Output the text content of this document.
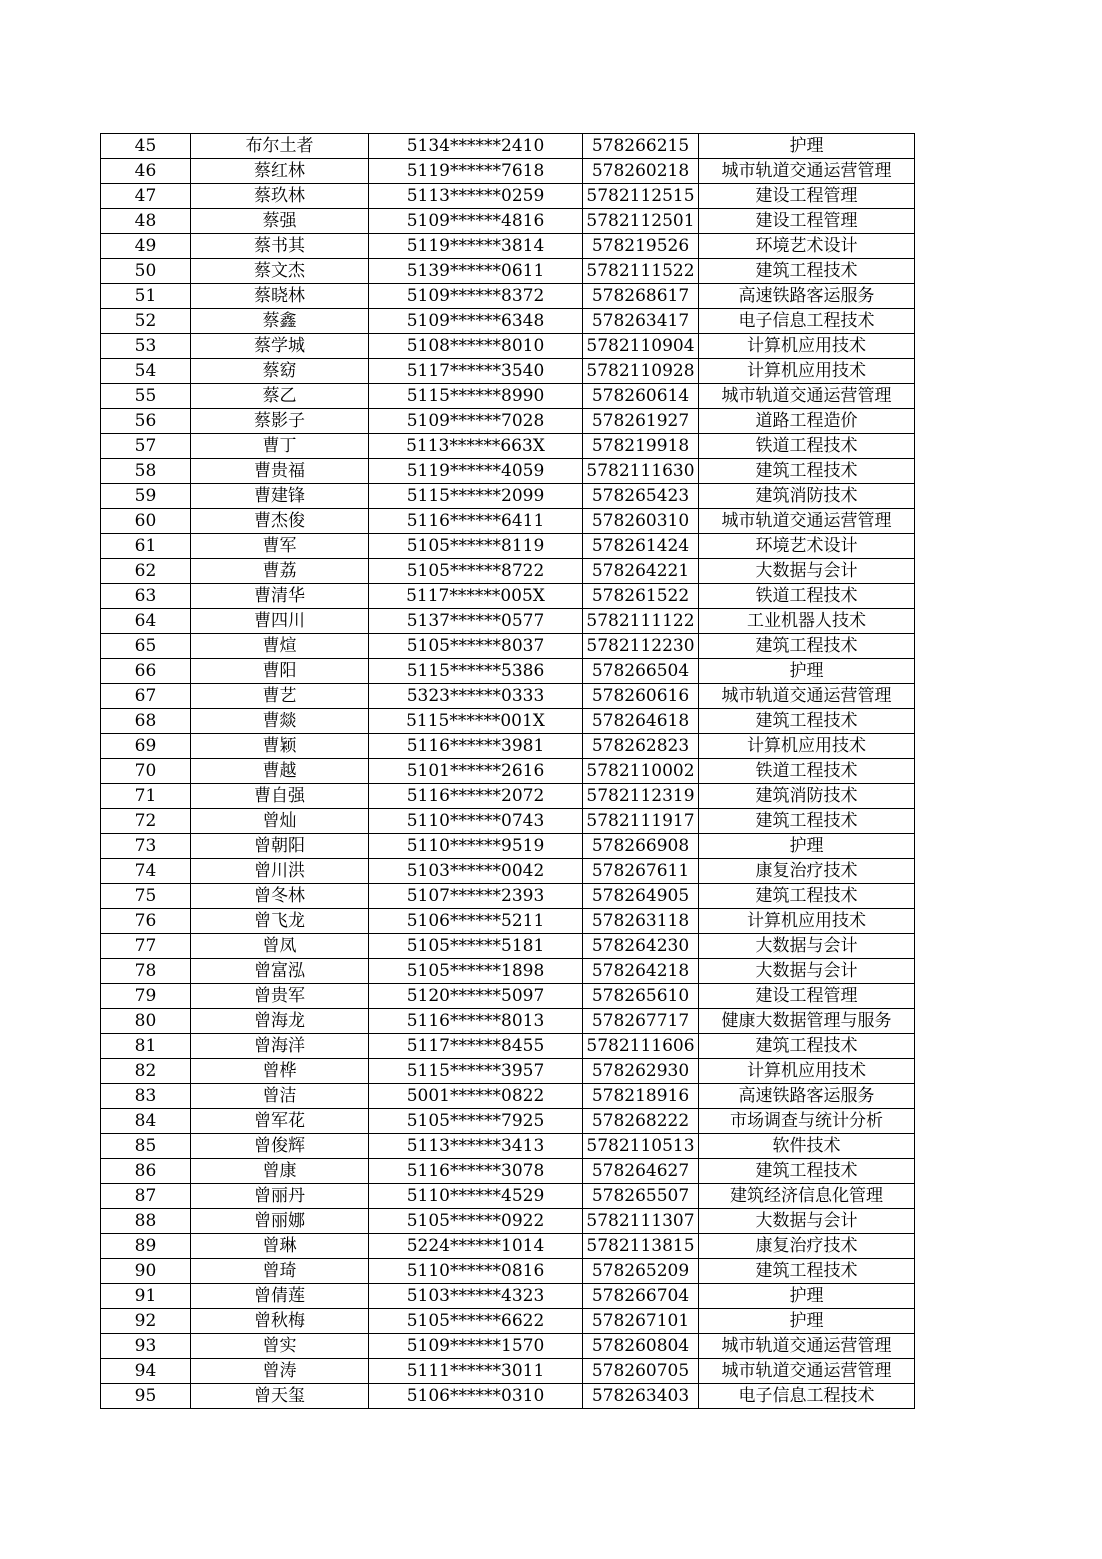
45	布尔土者	5134******2410	578266215	护理
46	蔡红林	5119******7618	578260218	城市轨道交通运营管理
47	蔡玖林	5113******0259	5782112515	建设工程管理
48	蔡强	5109******4816	5782112501	建设工程管理
49	蔡书其	5119******3814	578219526	环境艺术设计
50	蔡文杰	5139******0611	5782111522	建筑工程技术
51	蔡晓林	5109******8372	578268617	高速铁路客运服务
52	蔡鑫	5109******6348	578263417	电子信息工程技术
53	蔡学城	5108******8010	5782110904	计算机应用技术
54	蔡窈	5117******3540	5782110928	计算机应用技术
55	蔡乙	5115******8990	578260614	城市轨道交通运营管理
56	蔡影子	5109******7028	578261927	道路工程造价
57	曹丁	5113******663X	578219918	铁道工程技术
58	曹贵福	5119******4059	5782111630	建筑工程技术
59	曹建锋	5115******2099	578265423	建筑消防技术
60	曹杰俊	5116******6411	578260310	城市轨道交通运营管理
61	曹军	5105******8119	578261424	环境艺术设计
62	曹荔	5105******8722	578264221	大数据与会计
63	曹清华	5117******005X	578261522	铁道工程技术
64	曹四川	5137******0577	5782111122	工业机器人技术
65	曹煊	5105******8037	5782112230	建筑工程技术
66	曹阳	5115******5386	578266504	护理
67	曹艺	5323******0333	578260616	城市轨道交通运营管理
68	曹燚	5115******001X	578264618	建筑工程技术
69	曹颖	5116******3981	578262823	计算机应用技术
70	曹越	5101******2616	5782110002	铁道工程技术
71	曹自强	5116******2072	5782112319	建筑消防技术
72	曾灿	5110******0743	5782111917	建筑工程技术
73	曾朝阳	5110******9519	578266908	护理
74	曾川洪	5103******0042	578267611	康复治疗技术
75	曾冬林	5107******2393	578264905	建筑工程技术
76	曾飞龙	5106******5211	578263118	计算机应用技术
77	曾凤	5105******5181	578264230	大数据与会计
78	曾富泓	5105******1898	578264218	大数据与会计
79	曾贵军	5120******5097	578265610	建设工程管理
80	曾海龙	5116******8013	578267717	健康大数据管理与服务
81	曾海洋	5117******8455	5782111606	建筑工程技术
82	曾桦	5115******3957	578262930	计算机应用技术
83	曾洁	5001******0822	578218916	高速铁路客运服务
84	曾军花	5105******7925	578268222	市场调查与统计分析
85	曾俊辉	5113******3413	5782110513	软件技术
86	曾康	5116******3078	578264627	建筑工程技术
87	曾丽丹	5110******4529	578265507	建筑经济信息化管理
88	曾丽娜	5105******0922	5782111307	大数据与会计
89	曾琳	5224******1014	5782113815	康复治疗技术
90	曾琦	5110******0816	578265209	建筑工程技术
91	曾倩莲	5103******4323	578266704	护理
92	曾秋梅	5105******6622	578267101	护理
93	曾实	5109******1570	578260804	城市轨道交通运营管理
94	曾涛	5111******3011	578260705	城市轨道交通运营管理
95	曾天玺	5106******0310	578263403	电子信息工程技术
